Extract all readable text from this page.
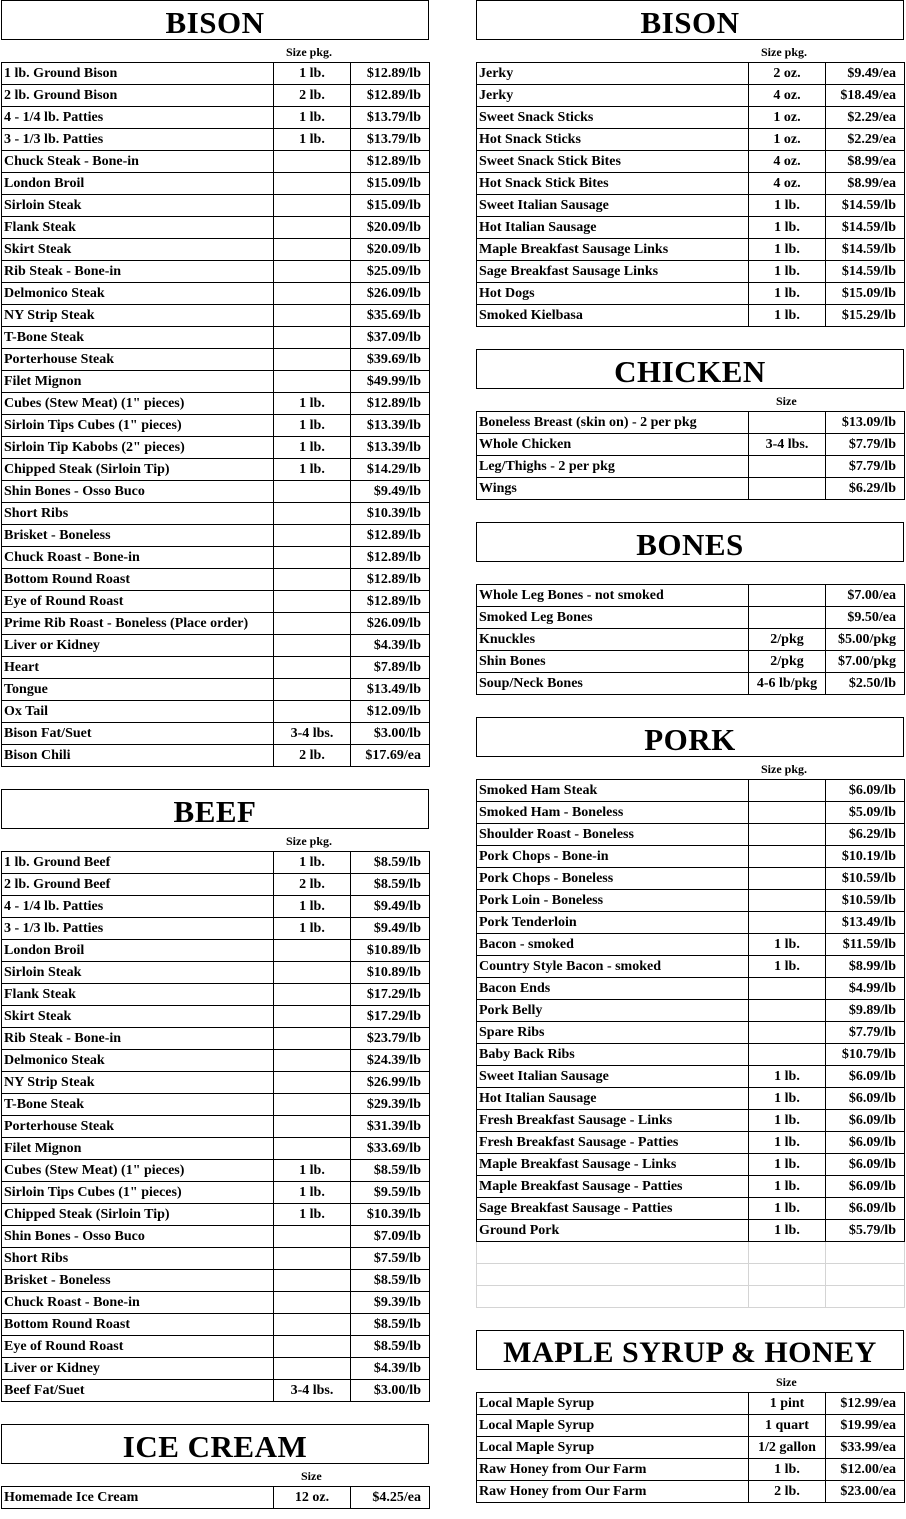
BISON
Size pkg.
1 lb. Ground Bison	1 lb.	$12.89/lb
2 lb. Ground Bison	2 lb.	$12.89/lb
4 - 1/4 lb. Patties	1 lb.	$13.79/lb
3 - 1/3 lb. Patties	1 lb.	$13.79/lb
Chuck Steak - Bone-in		$12.89/lb
London Broil		$15.09/lb
Sirloin Steak		$15.09/lb
Flank Steak		$20.09/lb
Skirt Steak		$20.09/lb
Rib Steak - Bone-in		$25.09/lb
Delmonico Steak		$26.09/lb
NY Strip Steak		$35.69/lb
T-Bone Steak		$37.09/lb
Porterhouse Steak		$39.69/lb
Filet Mignon		$49.99/lb
Cubes (Stew Meat) (1" pieces)	1 lb.	$12.89/lb
Sirloin Tips Cubes (1" pieces)	1 lb.	$13.39/lb
Sirloin Tip Kabobs (2" pieces)	1 lb.	$13.39/lb
Chipped Steak (Sirloin Tip)	1 lb.	$14.29/lb
Shin Bones - Osso Buco		$9.49/lb
Short Ribs		$10.39/lb
Brisket - Boneless		$12.89/lb
Chuck Roast - Bone-in		$12.89/lb
Bottom Round Roast		$12.89/lb
Eye of Round Roast		$12.89/lb
Prime Rib Roast - Boneless (Place order)		$26.09/lb
Liver or Kidney		$4.39/lb
Heart		$7.89/lb
Tongue		$13.49/lb
Ox Tail		$12.09/lb
Bison Fat/Suet	3-4 lbs.	$3.00/lb
Bison Chili	2 lb.	$17.69/ea
BEEF
Size pkg.
1 lb. Ground Beef	1 lb.	$8.59/lb
2 lb. Ground Beef	2 lb.	$8.59/lb
4 - 1/4 lb. Patties	1 lb.	$9.49/lb
3 - 1/3 lb. Patties	1 lb.	$9.49/lb
London Broil		$10.89/lb
Sirloin Steak		$10.89/lb
Flank Steak		$17.29/lb
Skirt Steak		$17.29/lb
Rib Steak - Bone-in		$23.79/lb
Delmonico Steak		$24.39/lb
NY Strip Steak		$26.99/lb
T-Bone Steak		$29.39/lb
Porterhouse Steak		$31.39/lb
Filet Mignon		$33.69/lb
Cubes (Stew Meat) (1" pieces)	1 lb.	$8.59/lb
Sirloin Tips Cubes (1" pieces)	1 lb.	$9.59/lb
Chipped Steak (Sirloin Tip)	1 lb.	$10.39/lb
Shin Bones - Osso Buco		$7.09/lb
Short Ribs		$7.59/lb
Brisket - Boneless		$8.59/lb
Chuck Roast - Bone-in		$9.39/lb
Bottom Round Roast		$8.59/lb
Eye of Round Roast		$8.59/lb
Liver or Kidney		$4.39/lb
Beef Fat/Suet	3-4 lbs.	$3.00/lb
ICE CREAM
Size
Homemade Ice Cream	12 oz.	$4.25/ea
BISON
Size pkg.
Jerky	2 oz.	$9.49/ea
Jerky	4 oz.	$18.49/ea
Sweet Snack Sticks	1 oz.	$2.29/ea
Hot Snack Sticks	1 oz.	$2.29/ea
Sweet Snack Stick Bites	4 oz.	$8.99/ea
Hot Snack Stick Bites	4 oz.	$8.99/ea
Sweet Italian Sausage	1 lb.	$14.59/lb
Hot Italian Sausage	1 lb.	$14.59/lb
Maple Breakfast Sausage Links	1 lb.	$14.59/lb
Sage Breakfast Sausage Links	1 lb.	$14.59/lb
Hot Dogs	1 lb.	$15.09/lb
Smoked Kielbasa	1 lb.	$15.29/lb
CHICKEN
Size
Boneless Breast (skin on) - 2 per pkg		$13.09/lb
Whole Chicken	3-4 lbs.	$7.79/lb
Leg/Thighs - 2 per pkg		$7.79/lb
Wings		$6.29/lb
BONES
Whole Leg Bones - not smoked		$7.00/ea
Smoked Leg Bones		$9.50/ea
Knuckles	2/pkg	$5.00/pkg
Shin Bones	2/pkg	$7.00/pkg
Soup/Neck Bones	4-6 lb/pkg	$2.50/lb
PORK
Size pkg.
Smoked Ham Steak		$6.09/lb
Smoked Ham - Boneless		$5.09/lb
Shoulder Roast - Boneless		$6.29/lb
Pork Chops - Bone-in		$10.19/lb
Pork Chops - Boneless		$10.59/lb
Pork Loin - Boneless		$10.59/lb
Pork Tenderloin		$13.49/lb
Bacon - smoked	1 lb.	$11.59/lb
Country Style Bacon - smoked	1 lb.	$8.99/lb
Bacon Ends		$4.99/lb
Pork Belly		$9.89/lb
Spare Ribs		$7.79/lb
Baby Back Ribs		$10.79/lb
Sweet Italian Sausage	1 lb.	$6.09/lb
Hot Italian Sausage	1 lb.	$6.09/lb
Fresh Breakfast Sausage - Links	1 lb.	$6.09/lb
Fresh Breakfast Sausage - Patties	1 lb.	$6.09/lb
Maple Breakfast Sausage - Links	1 lb.	$6.09/lb
Maple Breakfast Sausage - Patties	1 lb.	$6.09/lb
Sage Breakfast Sausage - Patties	1 lb.	$6.09/lb
Ground Pork	1 lb.	$5.79/lb

MAPLE SYRUP & HONEY
Size
Local Maple Syrup	1 pint	$12.99/ea
Local Maple Syrup	1 quart	$19.99/ea
Local Maple Syrup	1/2 gallon	$33.99/ea
Raw Honey from Our Farm	1 lb.	$12.00/ea
Raw Honey from Our Farm	2 lb.	$23.00/ea
